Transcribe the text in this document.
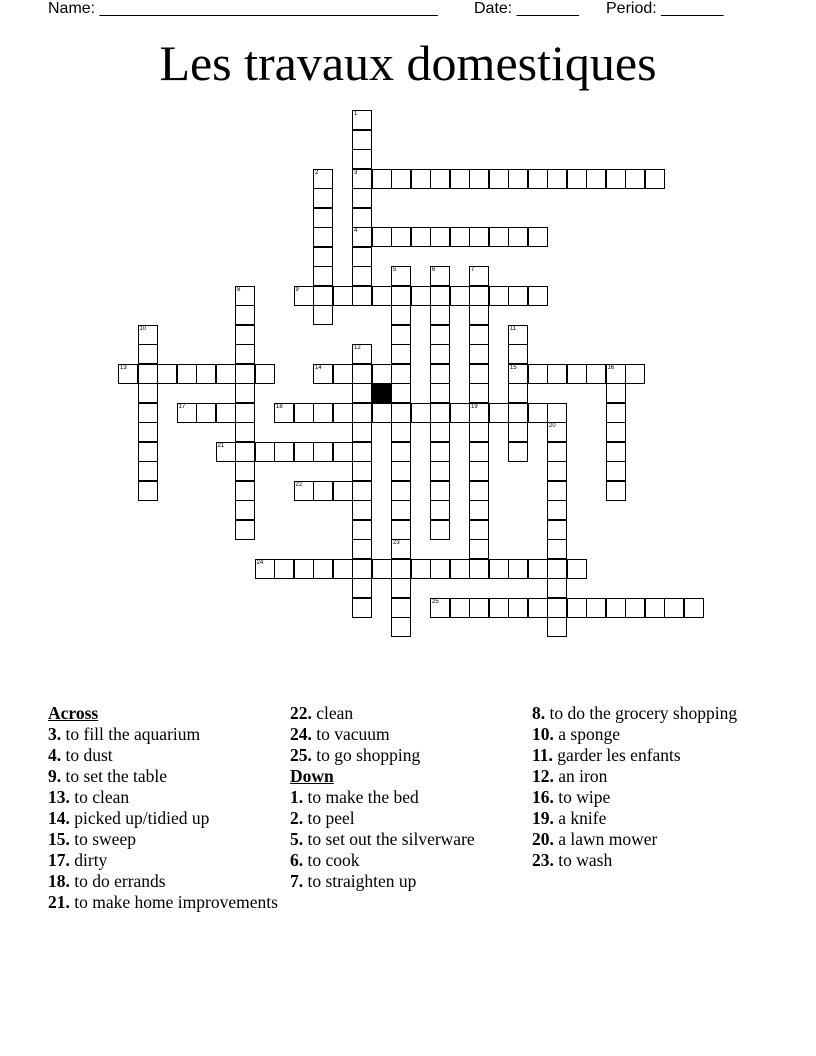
Name: ______________________________________ Date: _______ Period: _______
Les travaux domestiques
1
3
4
2
5
23
6	7
19
8	9
10	11
15
12
13	14	16
17	18
20
21
22
24
25
Across
3. to fill the aquarium
4. to dust
9. to set the table
13. to clean
14. picked up/tidied up
15. to sweep
17. dirty
18. to do errands
21. to make home improvements
22. clean
24. to vacuum
25. to go shopping
Down
1. to make the bed
2. to peel
5. to set out the silverware
6. to cook
7. to straighten up
8. to do the grocery shopping
10. a sponge
11. garder les enfants
12. an iron
16. to wipe
19. a knife
20. a lawn mower
23. to wash
